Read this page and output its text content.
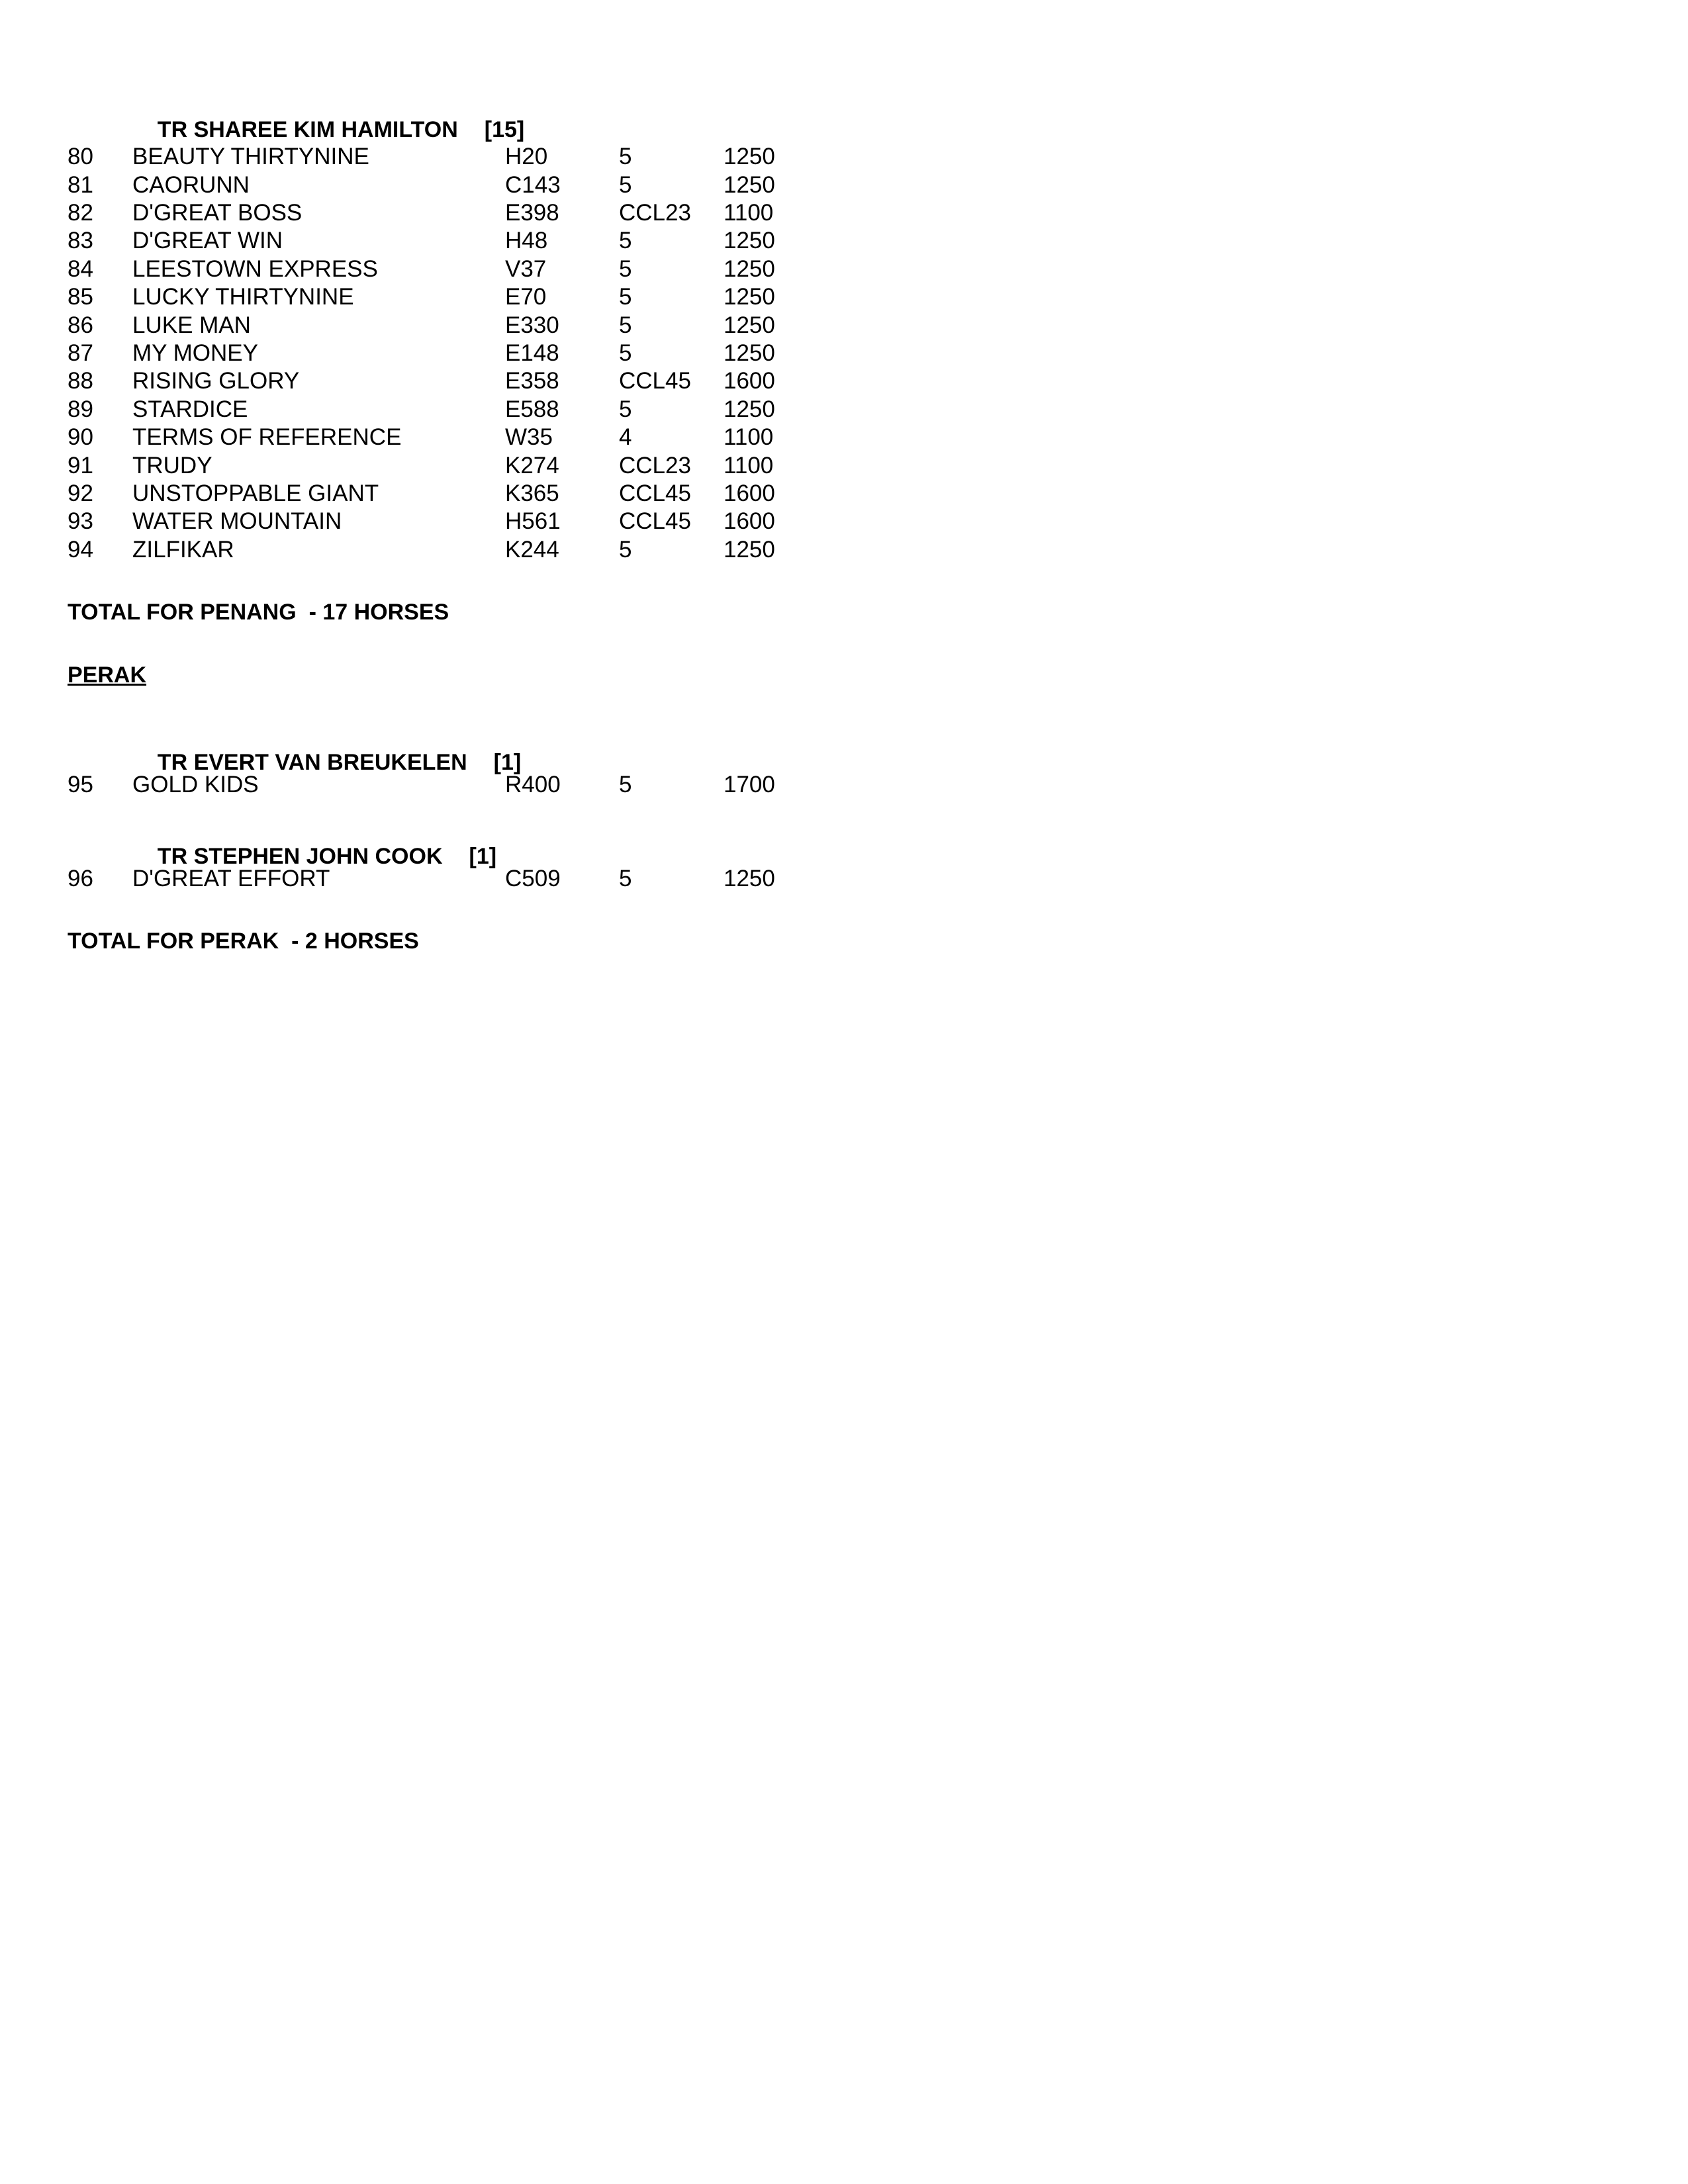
TR SHAREE KIM HAMILTON [15]

80 BEAUTY THIRTYNINE	H20	5	1250
81 CAORUNN	C143	5	1250
82 D'GREAT BOSS	E398	CCL23 1100
83 D'GREAT WIN	H48	5	1250
84 LEESTOWN EXPRESS	V37	5	1250
85 LUCKY THIRTYNINE	E70	5	1250
86 LUKE MAN	E330	5	1250
87 MY MONEY	E148	5	1250
88 RISING GLORY	E358	CCL45 1600
89 STARDICE	E588	5	1250
90 TERMS OF REFERENCE	W35	4	1100
91 TRUDY	K274	CCL23 1100
92 UNSTOPPABLE GIANT	K365	CCL45 1600
93 WATER MOUNTAIN	H561	CCL45 1600
94 ZILFIKAR	K244	5	1250
TOTAL FOR PENANG  - 17 HORSES
PERAK

TR EVERT VAN BREUKELEN [1]

95 GOLD KIDS	R400	5	1700

TR STEPHEN JOHN COOK [1]

96 D'GREAT EFFORT	C509	5	1250
TOTAL FOR PERAK  - 2 HORSES
